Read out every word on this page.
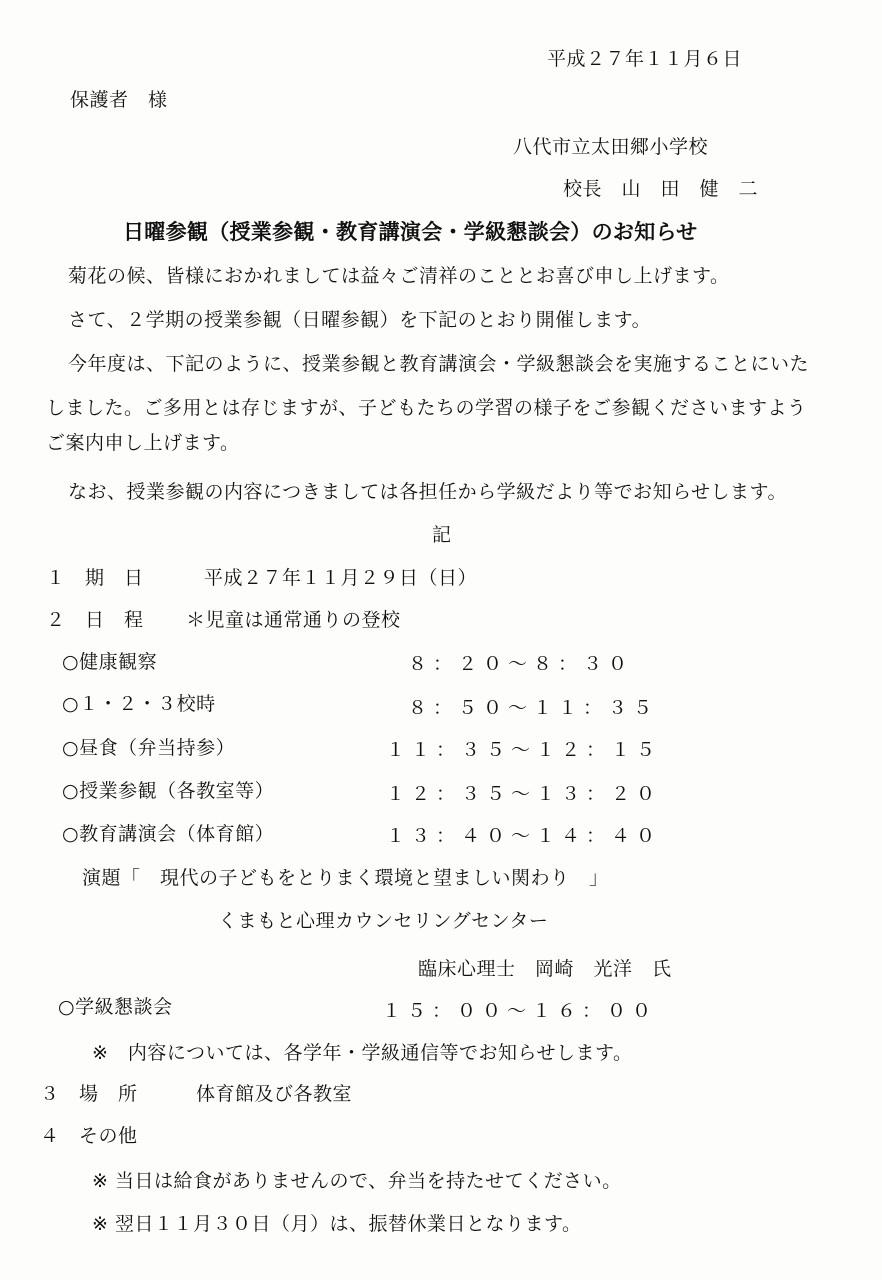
平成２７年１１月６日
保護者　様
八代市立太田郷小学校
校長　山　田　健　二
日曜参観（授業参観・教育講演会・学級懇談会）のお知らせ
菊花の候、皆様におかれましては益々ご清祥のこととお喜び申し上げます。
さて、２学期の授業参観（日曜参観）を下記のとおり開催します。
今年度は、下記のように、授業参観と教育講演会・学級懇談会を実施することにいた
しました。ご多用とは存じますが、子どもたちの学習の様子をご参観くださいますよう
ご案内申し上げます。
なお、授業参観の内容につきましては各担任から学級だより等でお知らせします。
記
１　期　日	平成２７年１１月２９日（日）
２　日　程 ＊児童は通常通りの登校
○健康観察	８：２０～８：３０
○１・２・３校時	８：５０～１１：３５
○昼食（弁当持参）	１１：３５～１２：１５
○授業参観（各教室等）	１２：３５～１３：２０
○教育講演会（体育館）	１３：４０～１４：４０
演題「　現代の子どもをとりまく環境と望ましい関わり　」
くまもと心理カウンセリングセンター
臨床心理士　岡崎　光洋　氏
○学級懇談会	１５：００～１６：００
※　内容については、各学年・学級通信等でお知らせします。
３　場　所	体育館及び各教室
４　その他
※ 当日は給食がありませんので、弁当を持たせてください。
※ 翌日１１月３０日（月）は、振替休業日となります。
